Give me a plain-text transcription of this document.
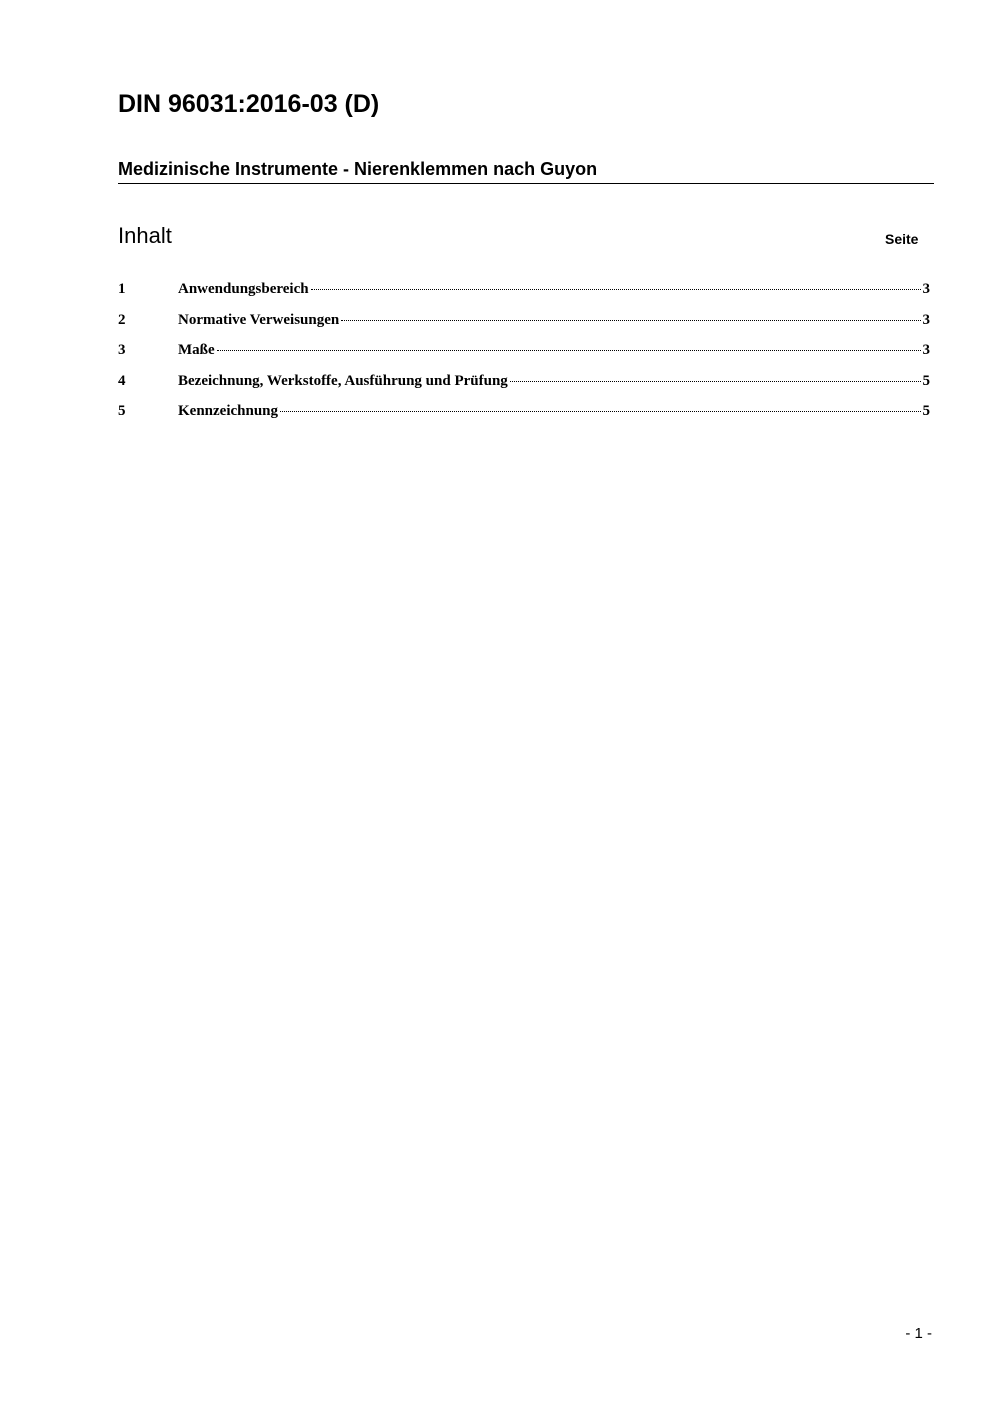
DIN 96031:2016-03 (D)
Medizinische Instrumente - Nierenklemmen nach Guyon
Inhalt	Seite
1	Anwendungsbereich	3
2	Normative Verweisungen	3
3	Maße	3
4	Bezeichnung, Werkstoffe, Ausführung und Prüfung	5
5	Kennzeichnung	5
- 1 -
